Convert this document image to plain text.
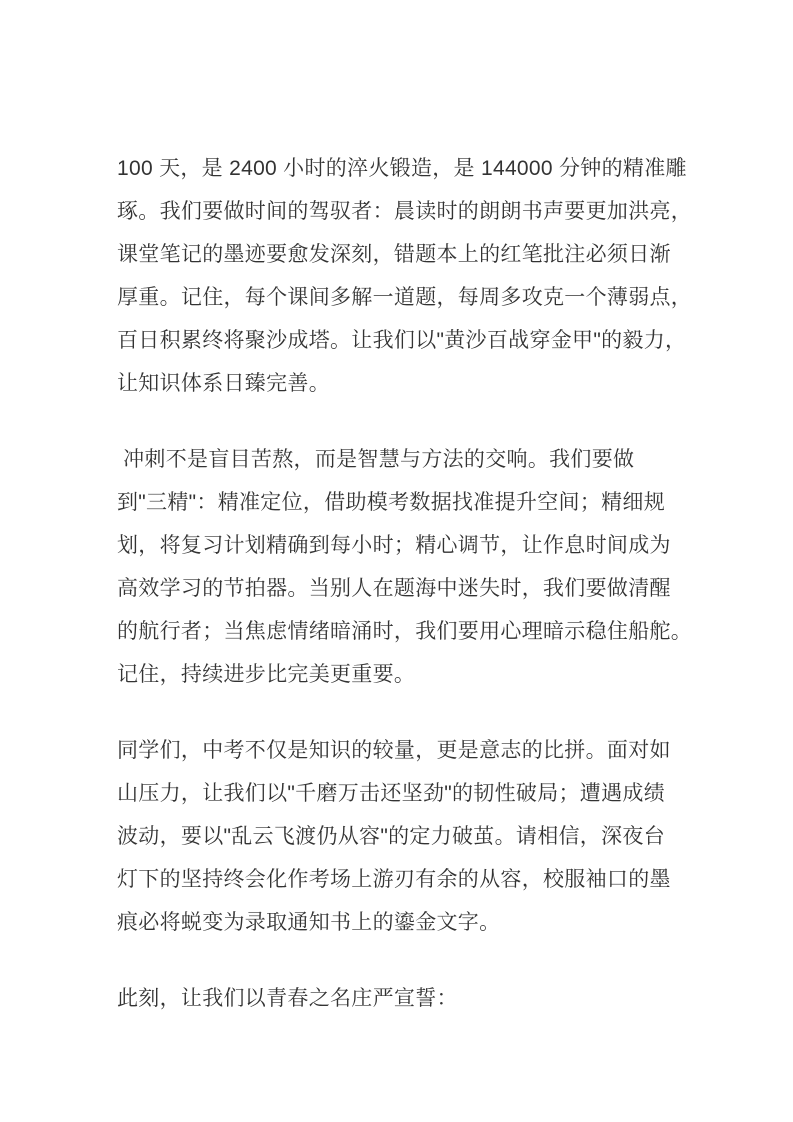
100 天，是 2400 小时的淬火锻造，是 144000 分钟的精准雕
琢。我们要做时间的驾驭者：晨读时的朗朗书声要更加洪亮，
课堂笔记的墨迹要愈发深刻，错题本上的红笔批注必须日渐
厚重。记住，每个课间多解一道题，每周多攻克一个薄弱点，
百日积累终将聚沙成塔。让我们以"黄沙百战穿金甲"的毅力，
让知识体系日臻完善。
冲刺不是盲目苦熬，而是智慧与方法的交响。我们要做
到"三精"：精准定位，借助模考数据找准提升空间；精细规
划，将复习计划精确到每小时；精心调节，让作息时间成为
高效学习的节拍器。当别人在题海中迷失时，我们要做清醒
的航行者；当焦虑情绪暗涌时，我们要用心理暗示稳住船舵。
记住，持续进步比完美更重要。
同学们，中考不仅是知识的较量，更是意志的比拼。面对如
山压力，让我们以"千磨万击还坚劲"的韧性破局；遭遇成绩
波动，要以"乱云飞渡仍从容"的定力破茧。请相信，深夜台
灯下的坚持终会化作考场上游刃有余的从容，校服袖口的墨
痕必将蜕变为录取通知书上的鎏金文字。
此刻，让我们以青春之名庄严宣誓：
